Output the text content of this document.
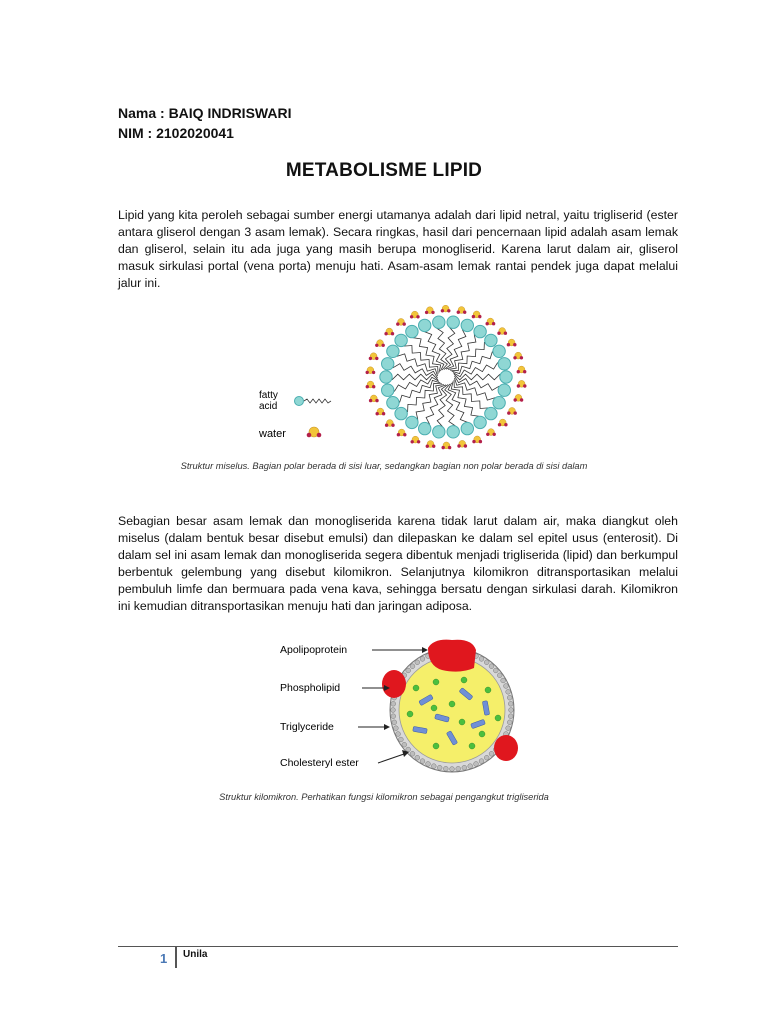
Nama : BAIQ INDRISWARI
NIM : 2102020041
METABOLISME LIPID
Lipid yang kita peroleh sebagai sumber energi utamanya adalah dari lipid netral, yaitu trigliserid (ester antara gliserol dengan 3 asam lemak). Secara ringkas, hasil dari pencernaan lipid adalah asam lemak dan gliserol, selain itu ada juga yang masih berupa monogliserid. Karena larut dalam air, gliserol masuk sirkulasi portal (vena porta) menuju hati. Asam-asam lemak rantai pendek juga dapat melalui jalur ini.
fatty
acid
water
Struktur miselus. Bagian polar berada di sisi luar, sedangkan bagian non polar berada di sisi dalam
Sebagian besar asam lemak dan monogliserida karena tidak larut dalam air, maka diangkut oleh miselus (dalam bentuk besar disebut emulsi) dan dilepaskan ke dalam sel epitel usus (enterosit). Di dalam sel ini asam lemak dan monogliserida segera dibentuk menjadi trigliserida (lipid) dan berkumpul berbentuk gelembung yang disebut kilomikron. Selanjutnya kilomikron ditransportasikan melalui pembuluh limfe dan bermuara pada vena kava, sehingga bersatu dengan sirkulasi darah. Kilomikron ini kemudian ditransportasikan menuju hati dan jaringan adiposa.
Apolipoprotein
Phospholipid
Triglyceride
Cholesteryl ester
Struktur kilomikron. Perhatikan fungsi kilomikron sebagai pengangkut trigliserida
1 Unila
